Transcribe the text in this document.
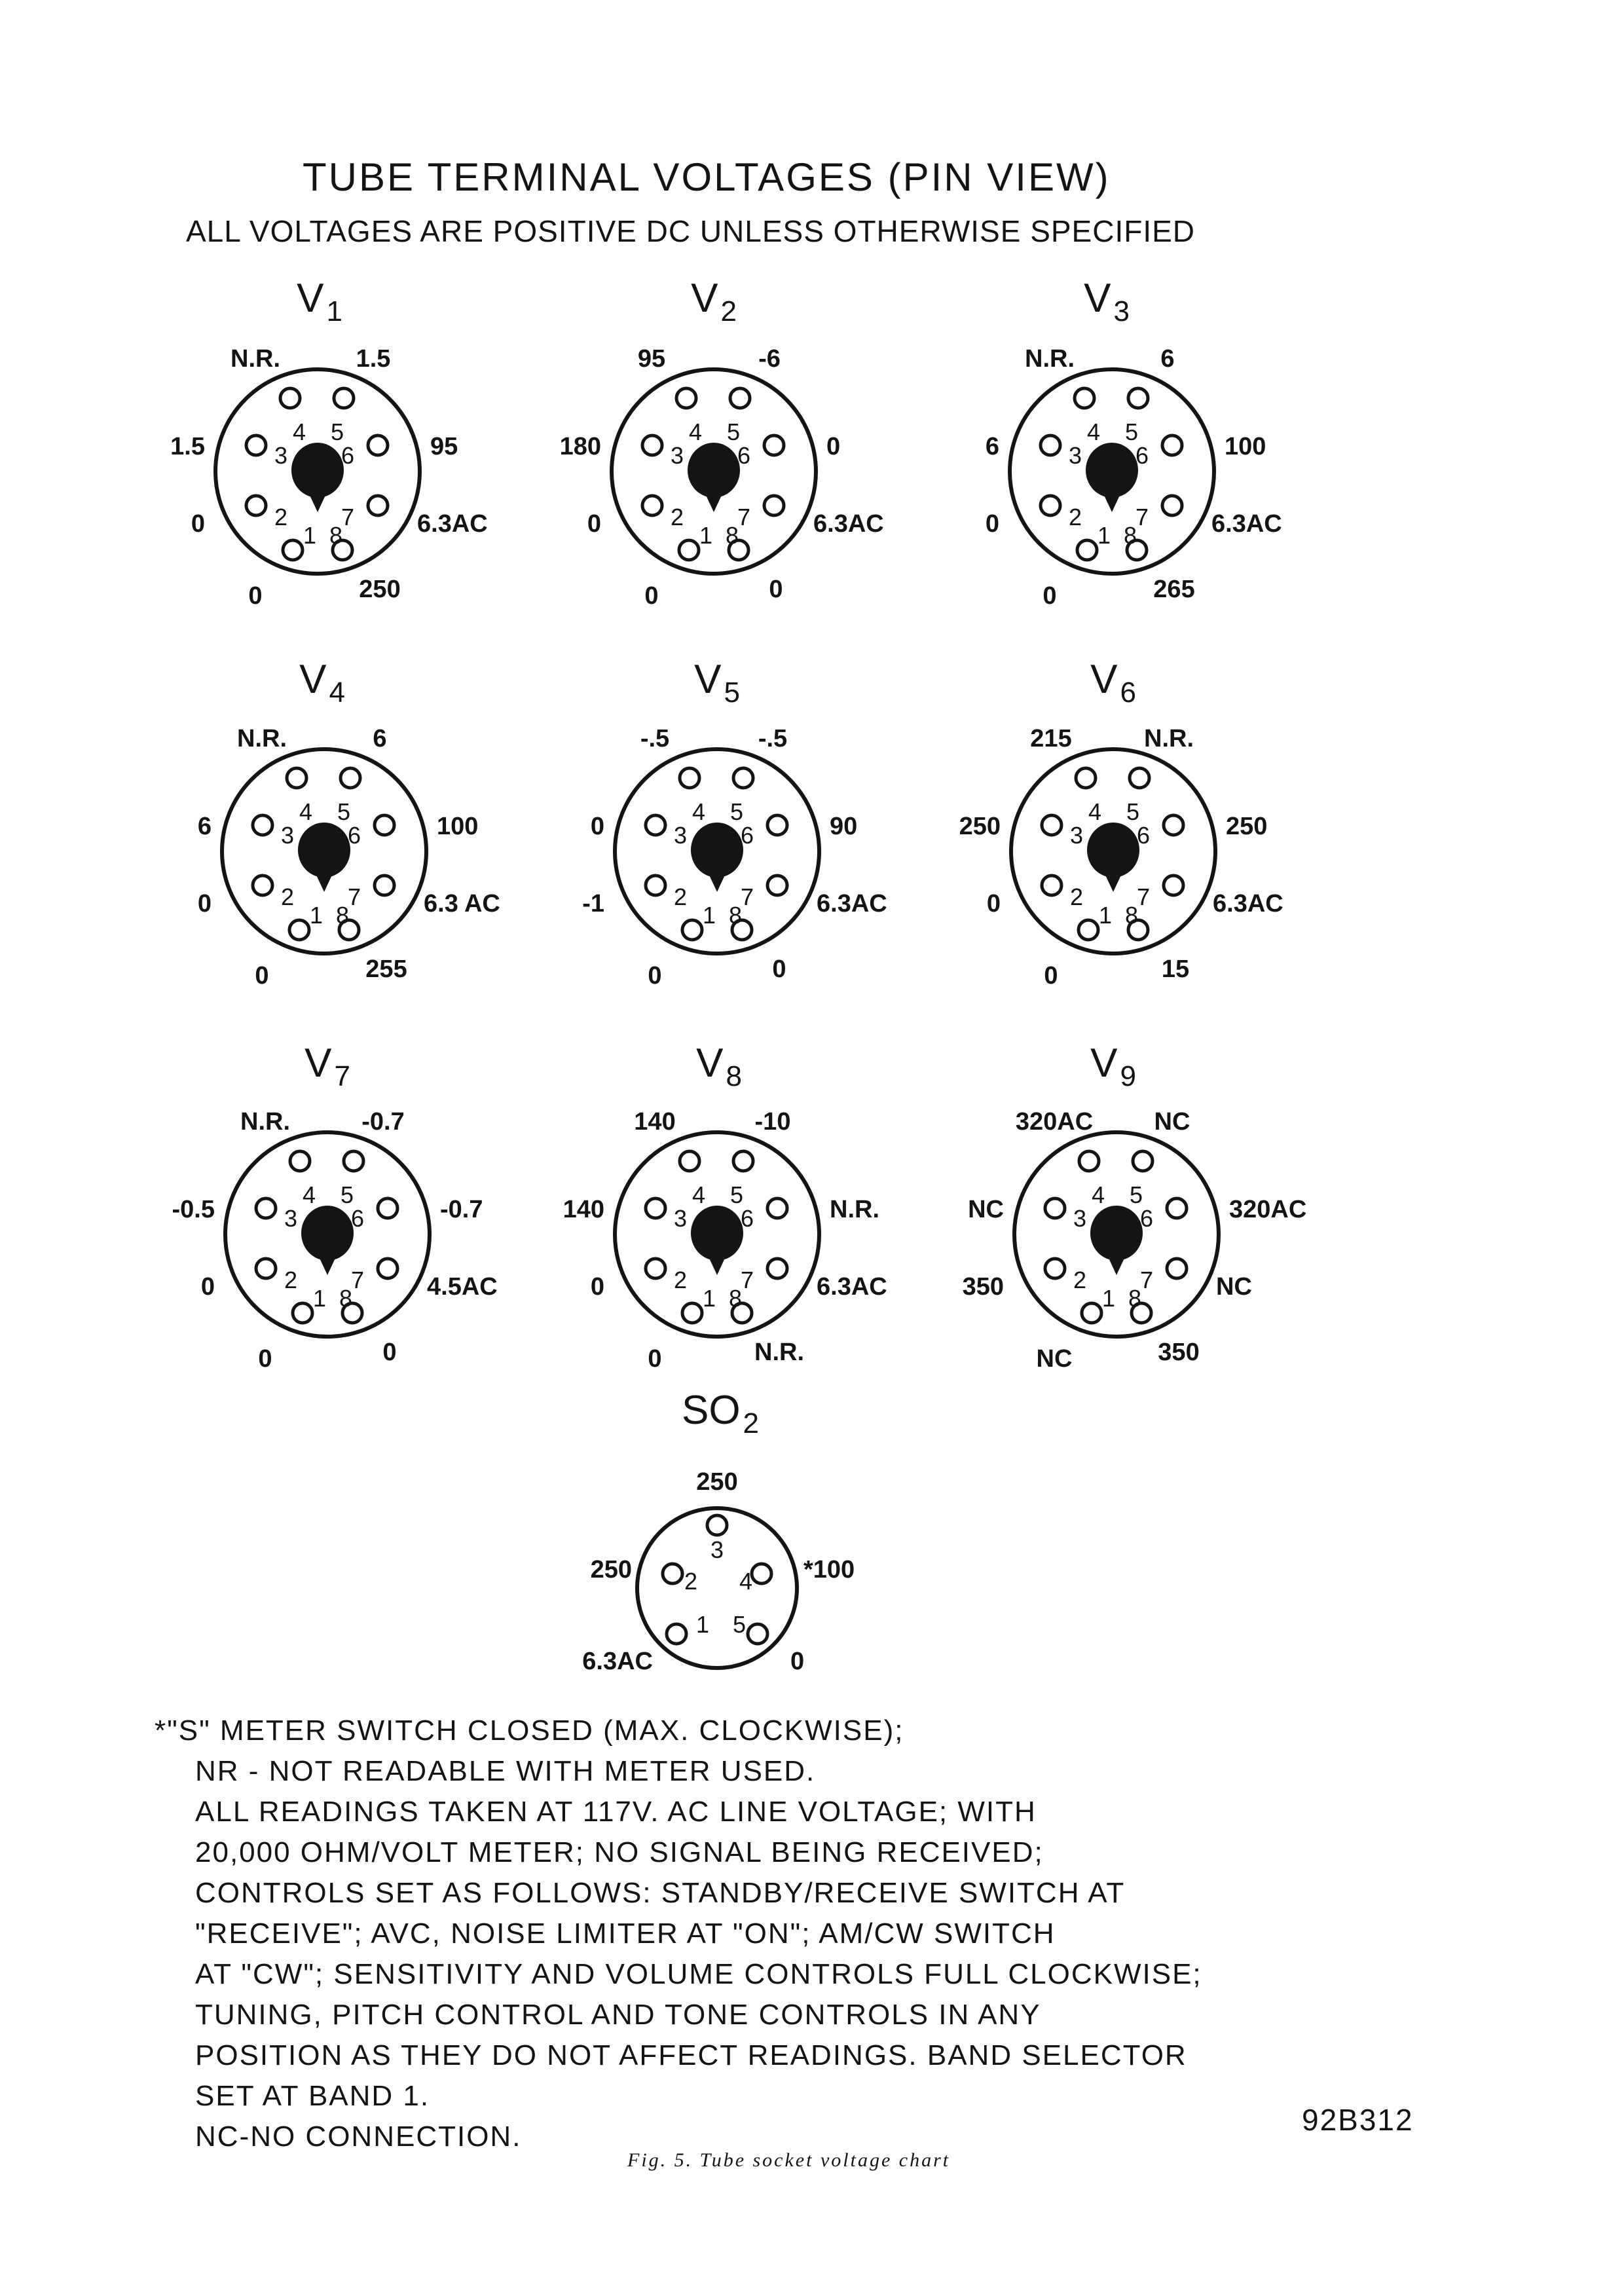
TUBE TERMINAL VOLTAGES (PIN VIEW)
ALL VOLTAGES ARE POSITIVE DC UNLESS OTHERWISE SPECIFIED
$V_1$	$V_2$	$V_3$
$V_4$	$V_5$	$V_6$
$V_7$	$V_8$	$V_9$
$SO_2$
1
2
3
4 5
6
7
8
N.R.	1.5
1.5	95
0	6.3AC
0	250
1
2
3
4 5
6
7
8
95	-6
180	0
0	6.3AC
0	0
1
2
3
4 5
6
7
8
N.R.	6
6	100
0	6.3AC
0	265
1
2
3
4 5
6
7
8
N.R.	6
6	100
0	6.3 AC
0	255
1
2
3
4 5
6
7
8
-.5	-.5
0	90
-1	6.3AC
0	0
1
2
3
4 5
6
7
8
215	N.R.
250	250
0	6.3AC
0	15
1
2
3
4 5
6
7
8
N.R.	-0.7
-0.5	-0.7
0	4.5AC
0	0
1
2
3
4 5
6
7
8
140	-10
140	N.R.
0	6.3AC
0	N.R.
1
2
3
4 5
6
7
8
320AC NC
NC	320AC
350	NC
NC	350
1
2
3
4
5
250
250	*100
6.3AC	0
*"S" METER SWITCH CLOSED (MAX. CLOCKWISE);
NR - NOT READABLE WITH METER USED.
ALL READINGS TAKEN AT 117V. AC LINE VOLTAGE; WITH
20,000 OHM/VOLT METER; NO SIGNAL BEING RECEIVED;
CONTROLS SET AS FOLLOWS: STANDBY/RECEIVE SWITCH AT
"RECEIVE"; AVC, NOISE LIMITER AT "ON"; AM/CW SWITCH
AT "CW"; SENSITIVITY AND VOLUME CONTROLS FULL CLOCKWISE;
TUNING, PITCH CONTROL AND TONE CONTROLS IN ANY
POSITION AS THEY DO NOT AFFECT READINGS. BAND SELECTOR
SET AT BAND 1.
NC-NO CONNECTION.	92B312
Fig. 5. Tube socket voltage chart
